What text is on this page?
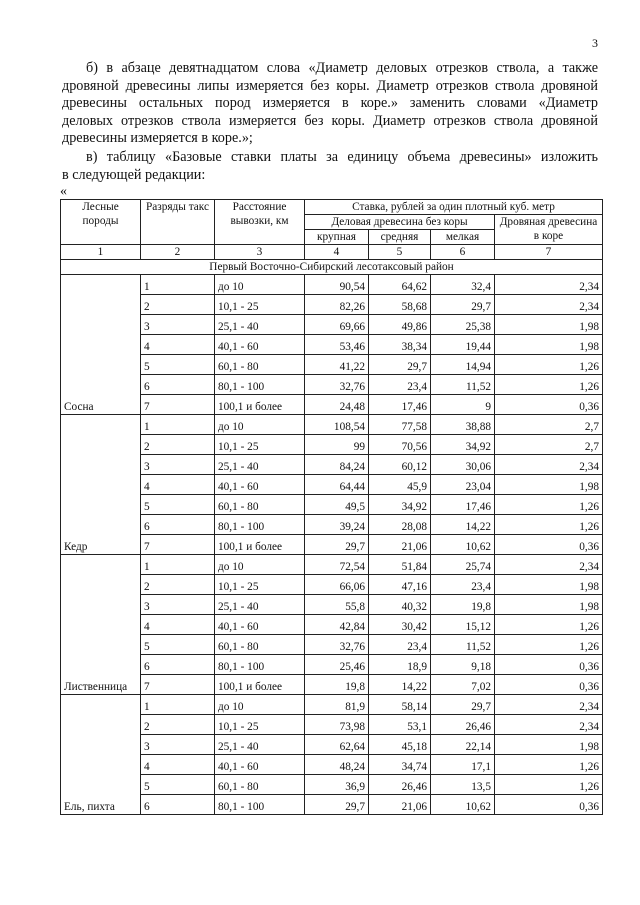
3
б) в абзаце девятнадцатом слова «Диаметр деловых отрезков ствола, а также
дровяной древесины липы измеряется без коры. Диаметр отрезков ствола дровяной
древесины остальных пород измеряется в коре.» заменить словами «Диаметр
деловых отрезков ствола измеряется без коры. Диаметр отрезков ствола дровяной
древесины измеряется в коре.»;
в) таблицу «Базовые ставки платы за единицу объема древесины» изложить
в следующей редакции:
«
Лесные породы	Разряды такс	Расстояние вывозки, км	Ставка, рублей за один плотный куб. метр			
			Деловая древесина без коры			Дровяная древесина в коре
			крупная	средняя	мелкая	
1	2	3	4	5	6	7
Первый Восточно-Сибирский лесотаксовый район						
Сосна	1	до 10	90,54	64,62	32,4	2,34
	2	10,1 - 25	82,26	58,68	29,7	2,34
	3	25,1 - 40	69,66	49,86	25,38	1,98
	4	40,1 - 60	53,46	38,34	19,44	1,98
	5	60,1 - 80	41,22	29,7	14,94	1,26
	6	80,1 - 100	32,76	23,4	11,52	1,26
	7	100,1 и более	24,48	17,46	9	0,36
Кедр	1	до 10	108,54	77,58	38,88	2,7
	2	10,1 - 25	99	70,56	34,92	2,7
	3	25,1 - 40	84,24	60,12	30,06	2,34
	4	40,1 - 60	64,44	45,9	23,04	1,98
	5	60,1 - 80	49,5	34,92	17,46	1,26
	6	80,1 - 100	39,24	28,08	14,22	1,26
	7	100,1 и более	29,7	21,06	10,62	0,36
Лиственница	1	до 10	72,54	51,84	25,74	2,34
	2	10,1 - 25	66,06	47,16	23,4	1,98
	3	25,1 - 40	55,8	40,32	19,8	1,98
	4	40,1 - 60	42,84	30,42	15,12	1,26
	5	60,1 - 80	32,76	23,4	11,52	1,26
	6	80,1 - 100	25,46	18,9	9,18	0,36
	7	100,1 и более	19,8	14,22	7,02	0,36
Ель, пихта	1	до 10	81,9	58,14	29,7	2,34
	2	10,1 - 25	73,98	53,1	26,46	2,34
	3	25,1 - 40	62,64	45,18	22,14	1,98
	4	40,1 - 60	48,24	34,74	17,1	1,26
	5	60,1 - 80	36,9	26,46	13,5	1,26
	6	80,1 - 100	29,7	21,06	10,62	0,36
